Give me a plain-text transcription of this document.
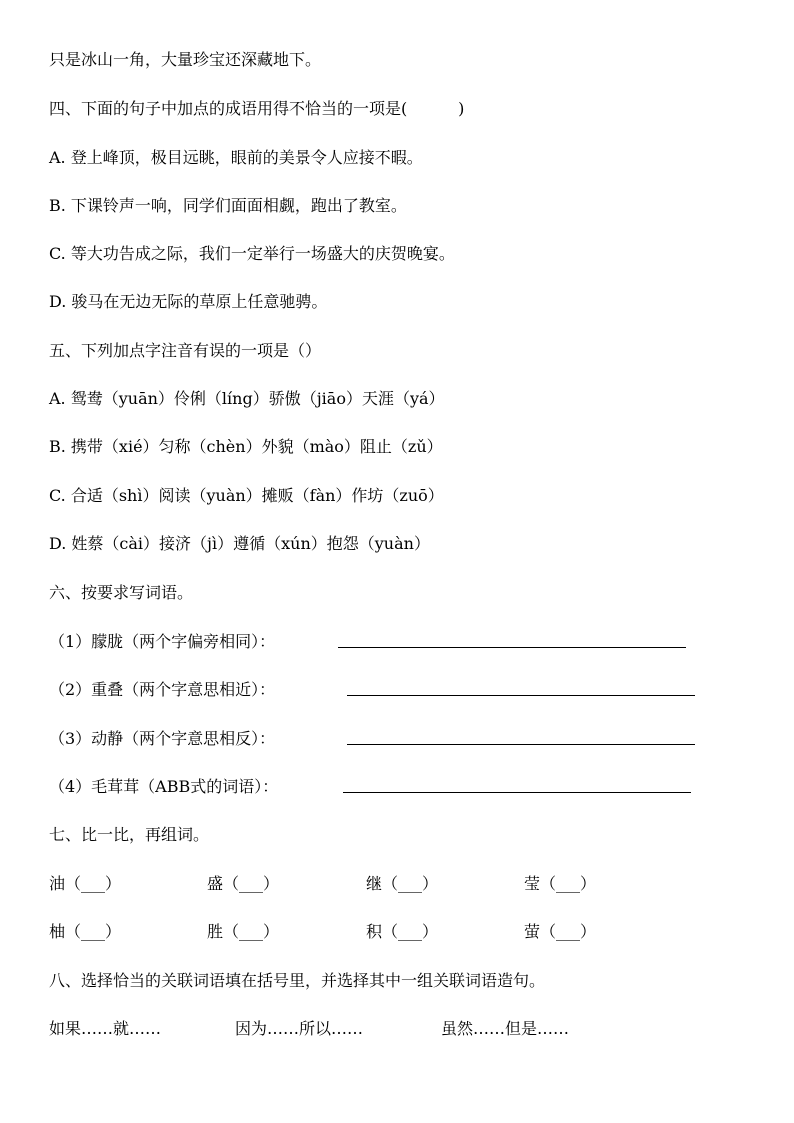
只是冰山一角，大量珍宝还深藏地下。
四、下面的句子中加点的成语用得不恰当的一项是(          )
A. 登上峰顶，极目远眺，眼前的美景令人应接不暇。
B. 下课铃声一响，同学们面面相觑，跑出了教室。
C. 等大功告成之际，我们一定举行一场盛大的庆贺晚宴。
D. 骏马在无边无际的草原上任意驰骋。
五、下列加点字注音有误的一项是（）
A. 鸳鸯（yuān）伶俐（líng）骄傲（jiāo）天涯（yá）
B. 携带（xié）匀称（chèn）外貌（mào）阻止（zǔ）
C. 合适（shì）阅读（yuàn）摊贩（fàn）作坊（zuō）
D. 姓蔡（cài）接济（jì）遵循（xún）抱怨（yuàn）
六、按要求写词语。
（1）朦胧（两个字偏旁相同）：
（2）重叠（两个字意思相近）：
（3）动静（两个字意思相反）：
（4）毛茸茸（ABB式的词语）：
七、比一比，再组词。
油（___）	盛（___）	继（___）	莹（___）
柚（___）	胜（___）	积（___）	萤（___）
八、选择恰当的关联词语填在括号里，并选择其中一组关联词语造句。
如果……就……	因为……所以……	虽然……但是……
